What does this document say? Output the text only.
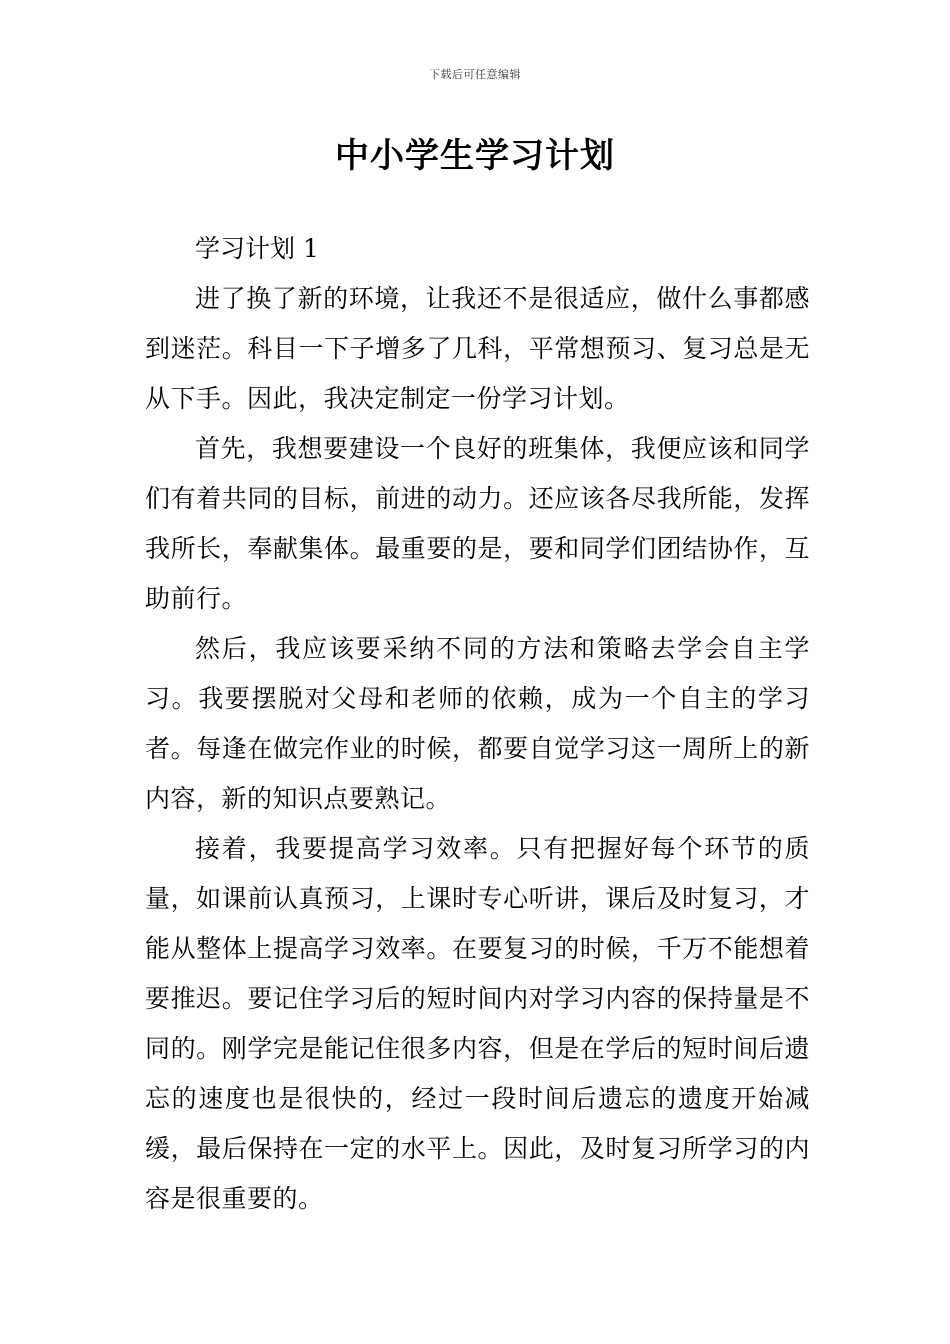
下载后可任意编辑
中小学生学习计划

学习计划 1

进了换了新的环境，让我还不是很适应，做什么事都感到迷茫。科目一下子增多了几科，平常想预习、复习总是无从下手。因此，我决定制定一份学习计划。

首先，我想要建设一个良好的班集体，我便应该和同学们有着共同的目标，前进的动力。还应该各尽我所能，发挥我所长，奉献集体。最重要的是，要和同学们团结协作，互助前行。

然后，我应该要采纳不同的方法和策略去学会自主学习。我要摆脱对父母和老师的依赖，成为一个自主的学习者。每逢在做完作业的时候，都要自觉学习这一周所上的新内容，新的知识点要熟记。

接着，我要提高学习效率。只有把握好每个环节的质量，如课前认真预习，上课时专心听讲，课后及时复习，才能从整体上提高学习效率。在要复习的时候，千万不能想着要推迟。要记住学习后的短时间内对学习内容的保持量是不同的。刚学完是能记住很多内容，但是在学后的短时间后遗忘的速度也是很快的，经过一段时间后遗忘的遗度开始减缓，最后保持在一定的水平上。因此，及时复习所学习的内容是很重要的。
